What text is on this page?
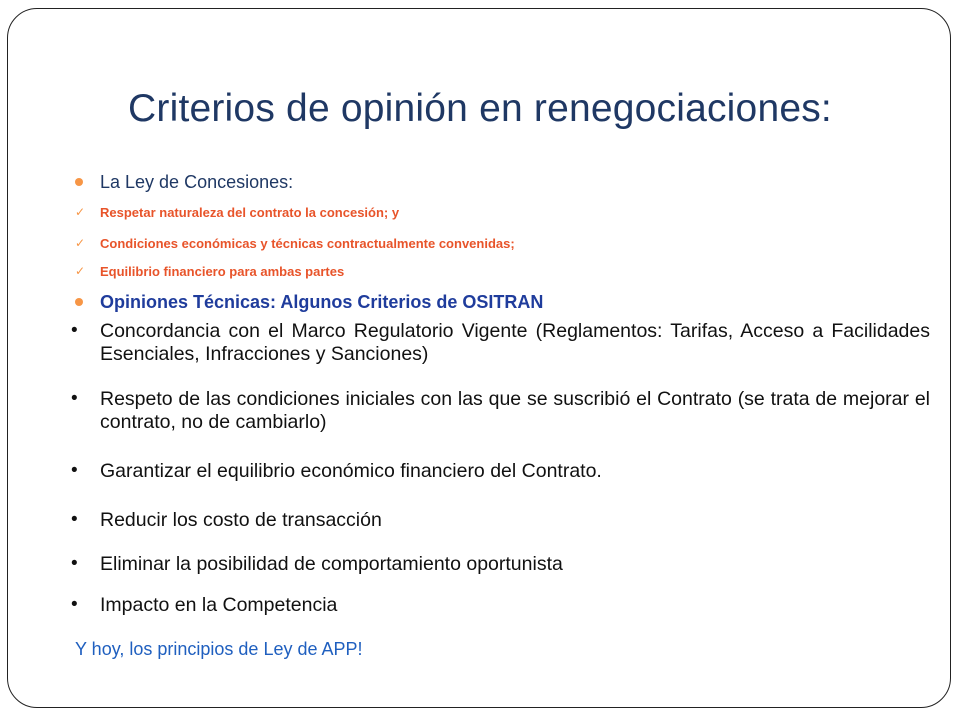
Criterios de opinión en renegociaciones:
La Ley de Concesiones:
✓ Respetar naturaleza del contrato la concesión; y
✓ Condiciones económicas y técnicas contractualmente convenidas;
✓ Equilibrio financiero para ambas partes
Opiniones Técnicas: Algunos Criterios de OSITRAN
• Concordancia con el Marco Regulatorio Vigente (Reglamentos: Tarifas, Acceso a Facilidades Esenciales, Infracciones y Sanciones)
• Respeto de las condiciones iniciales con las que se suscribió el Contrato (se trata de mejorar el contrato, no de cambiarlo)
• Garantizar el equilibrio económico financiero del Contrato.
• Reducir los costo de transacción
• Eliminar la posibilidad de comportamiento oportunista
• Impacto en la Competencia
Y hoy, los principios de Ley de APP!
